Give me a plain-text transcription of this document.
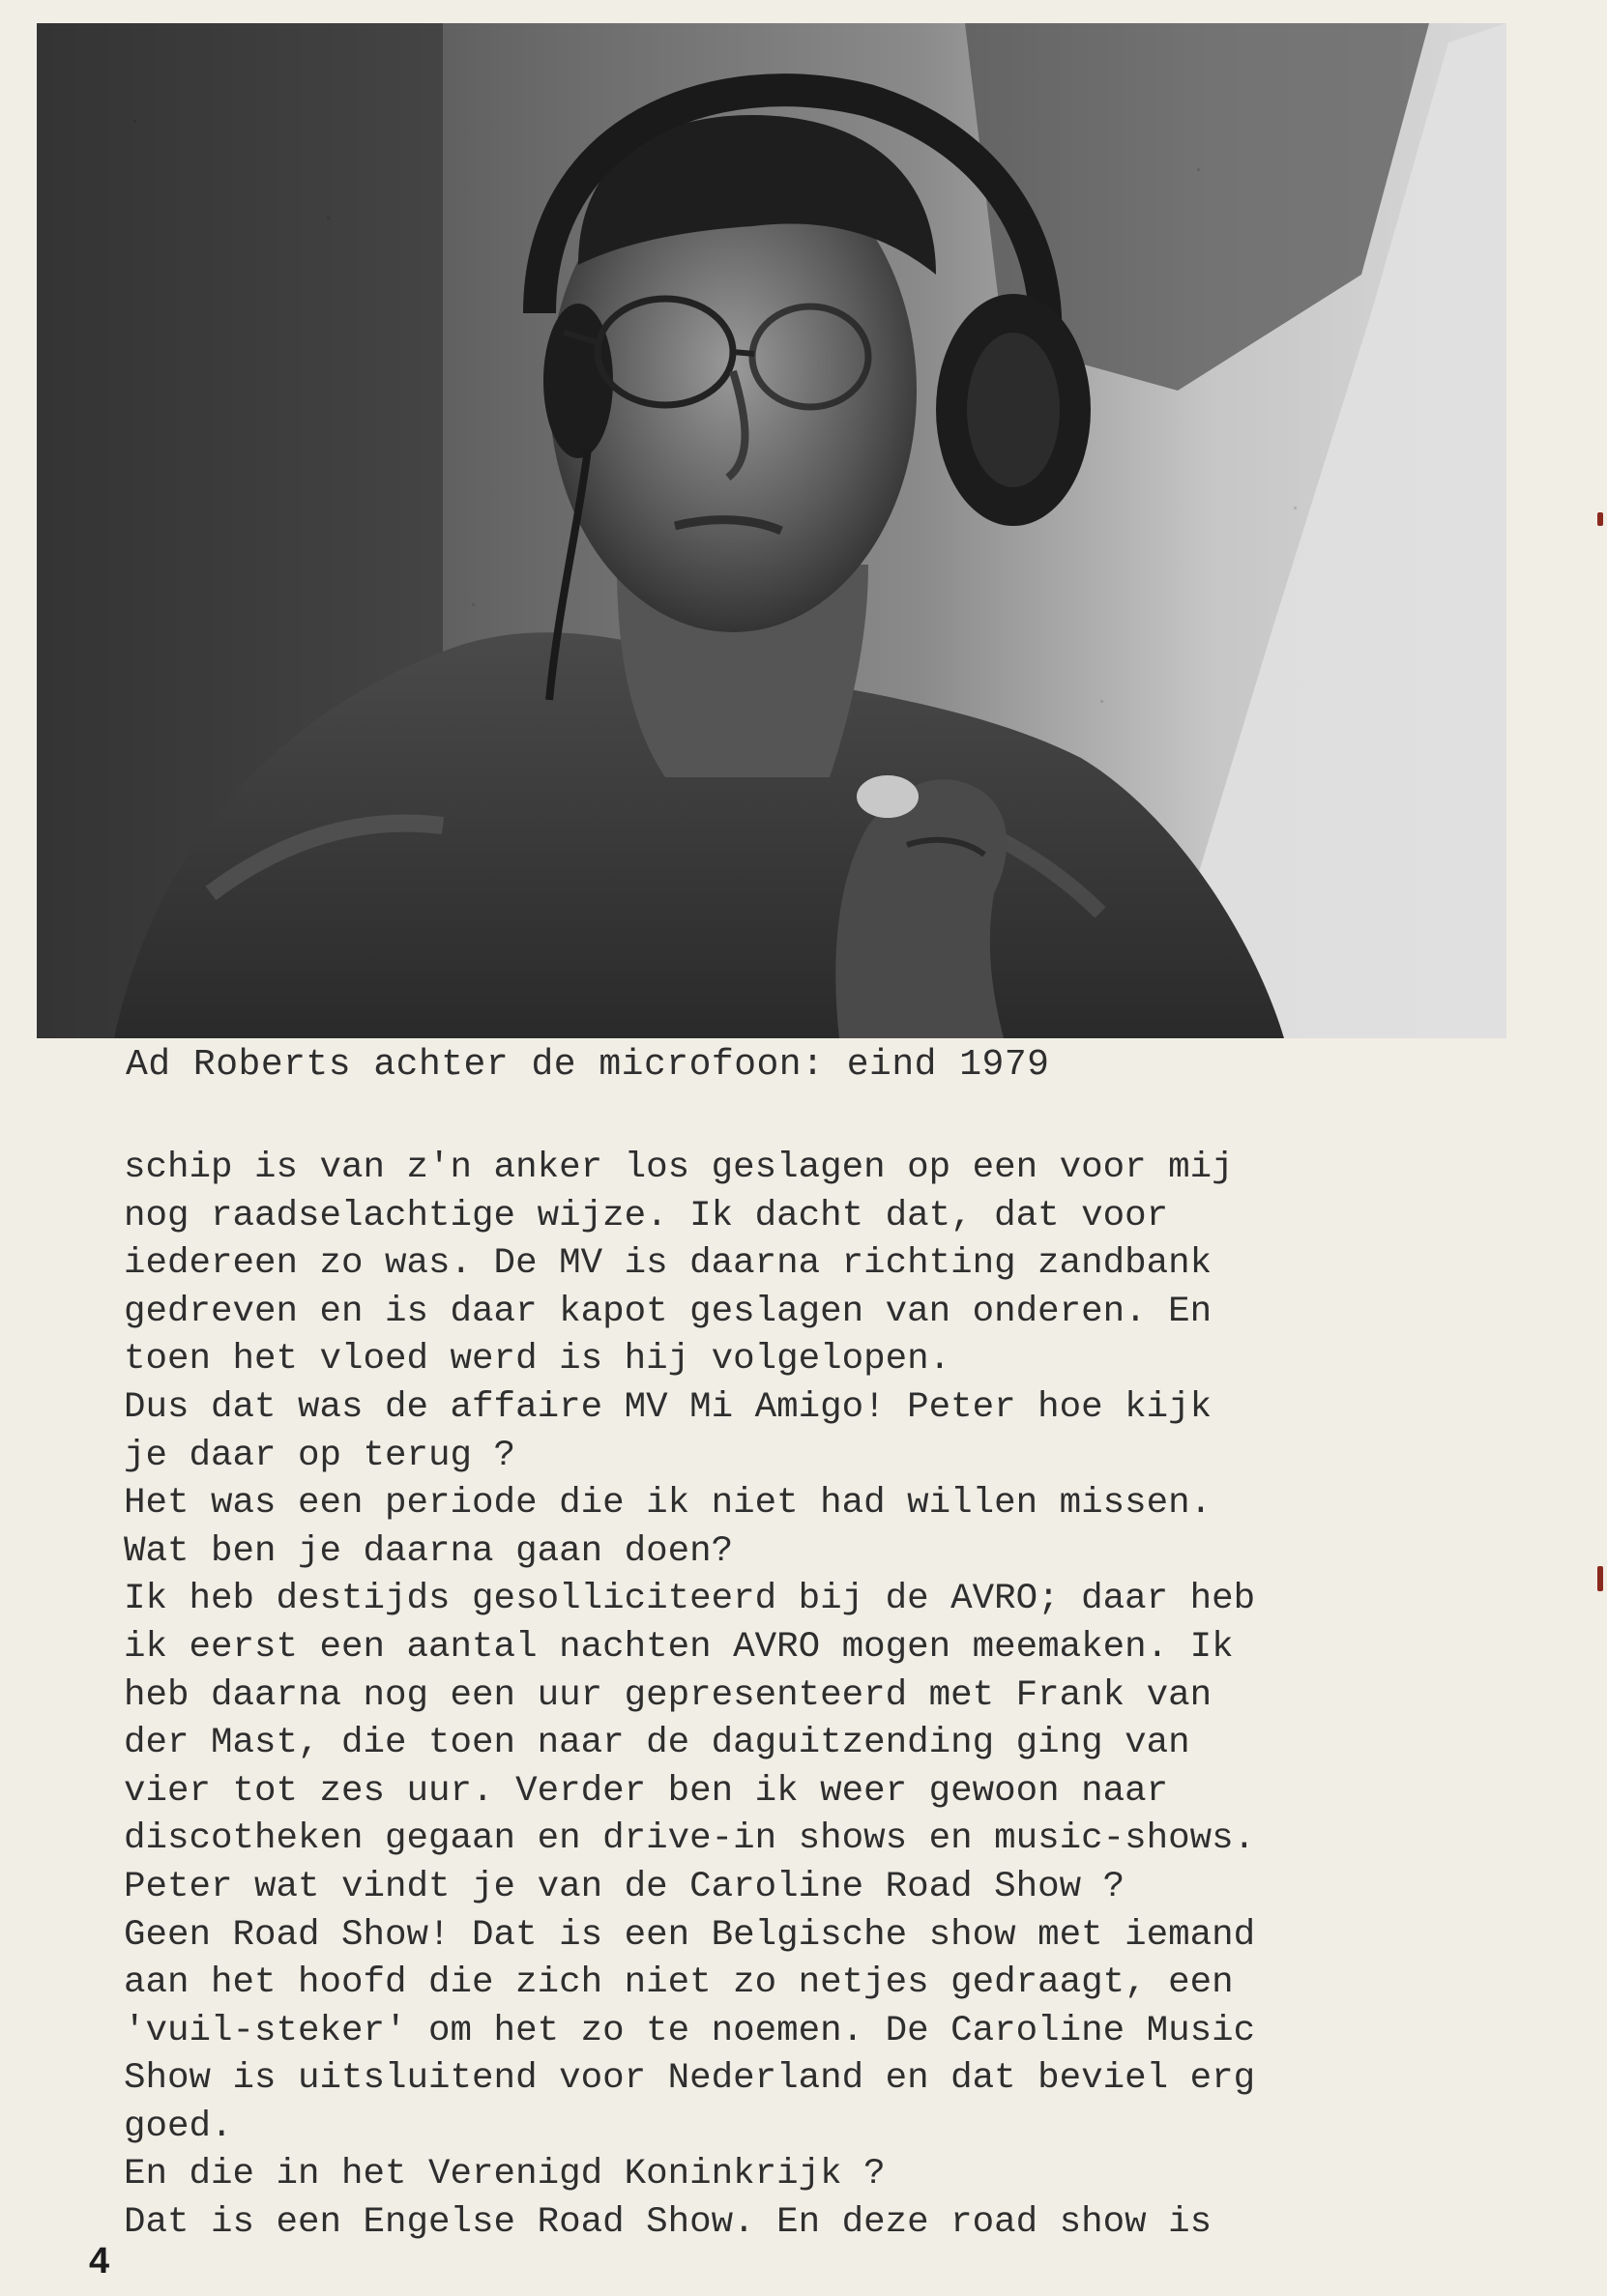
Ad Roberts achter de microfoon: eind 1979
schip is van z'n anker los geslagen op een voor mij
nog raadselachtige wijze. Ik dacht dat, dat voor
iedereen zo was. De MV is daarna richting zandbank
gedreven en is daar kapot geslagen van onderen. En
toen het vloed werd is hij volgelopen.
Dus dat was de affaire MV Mi Amigo! Peter hoe kijk
je daar op terug ?
Het was een periode die ik niet had willen missen.
Wat ben je daarna gaan doen?
Ik heb destijds gesolliciteerd bij de AVRO; daar heb
ik eerst een aantal nachten AVRO mogen meemaken. Ik
heb daarna nog een uur gepresenteerd met Frank van
der Mast, die toen naar de daguitzending ging van
vier tot zes uur. Verder ben ik weer gewoon naar
discotheken gegaan en drive-in shows en music-shows.
Peter wat vindt je van de Caroline Road Show ?
Geen Road Show! Dat is een Belgische show met iemand
aan het hoofd die zich niet zo netjes gedraagt, een
'vuil-steker' om het zo te noemen. De Caroline Music
Show is uitsluitend voor Nederland en dat beviel erg
goed.
En die in het Verenigd Koninkrijk ?
Dat is een Engelse Road Show. En deze road show is
4
